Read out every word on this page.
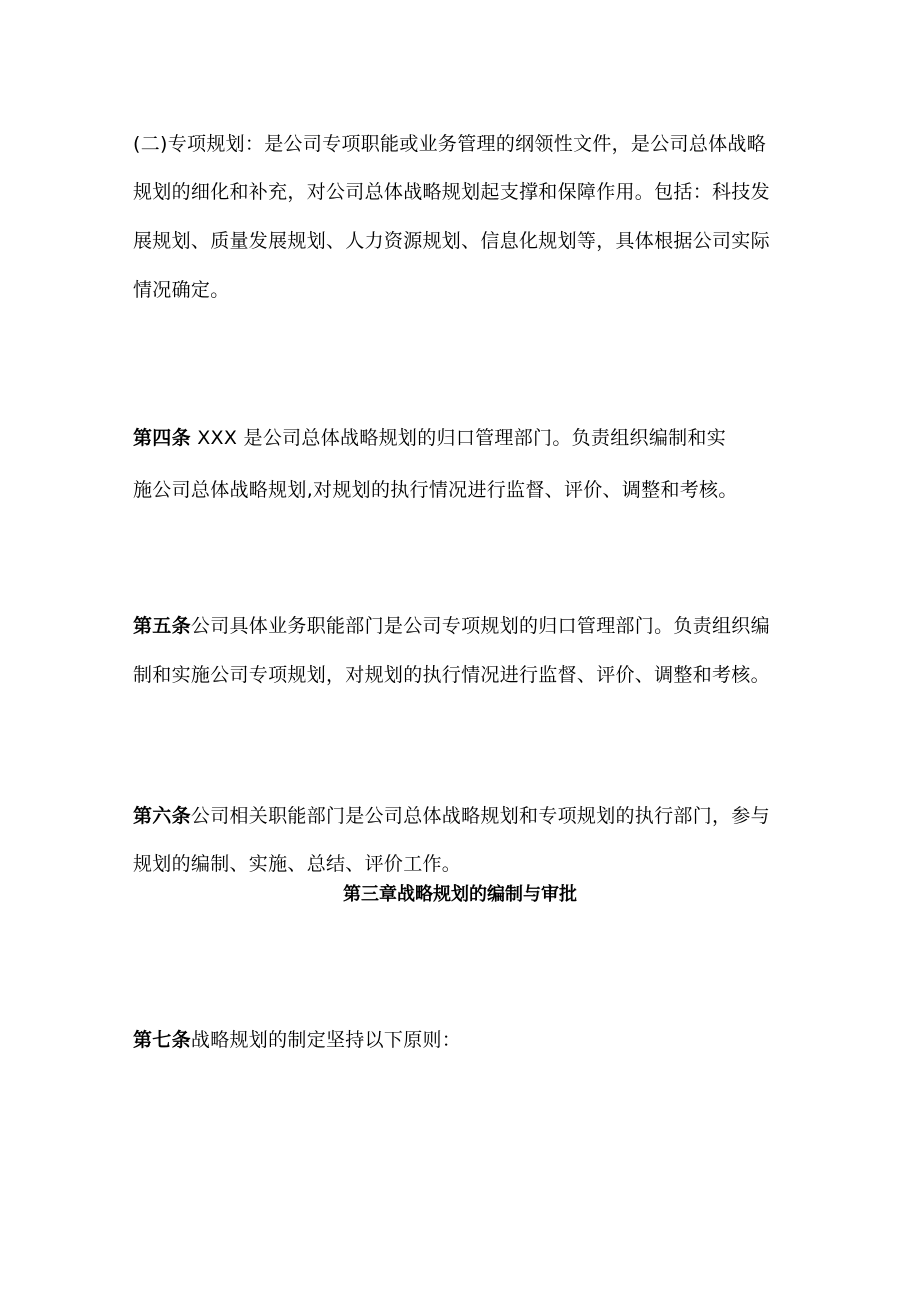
(二)专项规划：是公司专项职能或业务管理的纲领性文件，是公司总体战略
规划的细化和补充，对公司总体战略规划起支撑和保障作用。包括：科技发
展规划、质量发展规划、人力资源规划、信息化规划等，具体根据公司实际
情况确定。
第四条 XXX 是公司总体战略规划的归口管理部门。负责组织编制和实
施公司总体战略规划,对规划的执行情况进行监督、评价、调整和考核。
第五条公司具体业务职能部门是公司专项规划的归口管理部门。负责组织编
制和实施公司专项规划，对规划的执行情况进行监督、评价、调整和考核。
第六条公司相关职能部门是公司总体战略规划和专项规划的执行部门，参与
规划的编制、实施、总结、评价工作。
第三章战略规划的编制与审批
第七条战略规划的制定坚持以下原则：
